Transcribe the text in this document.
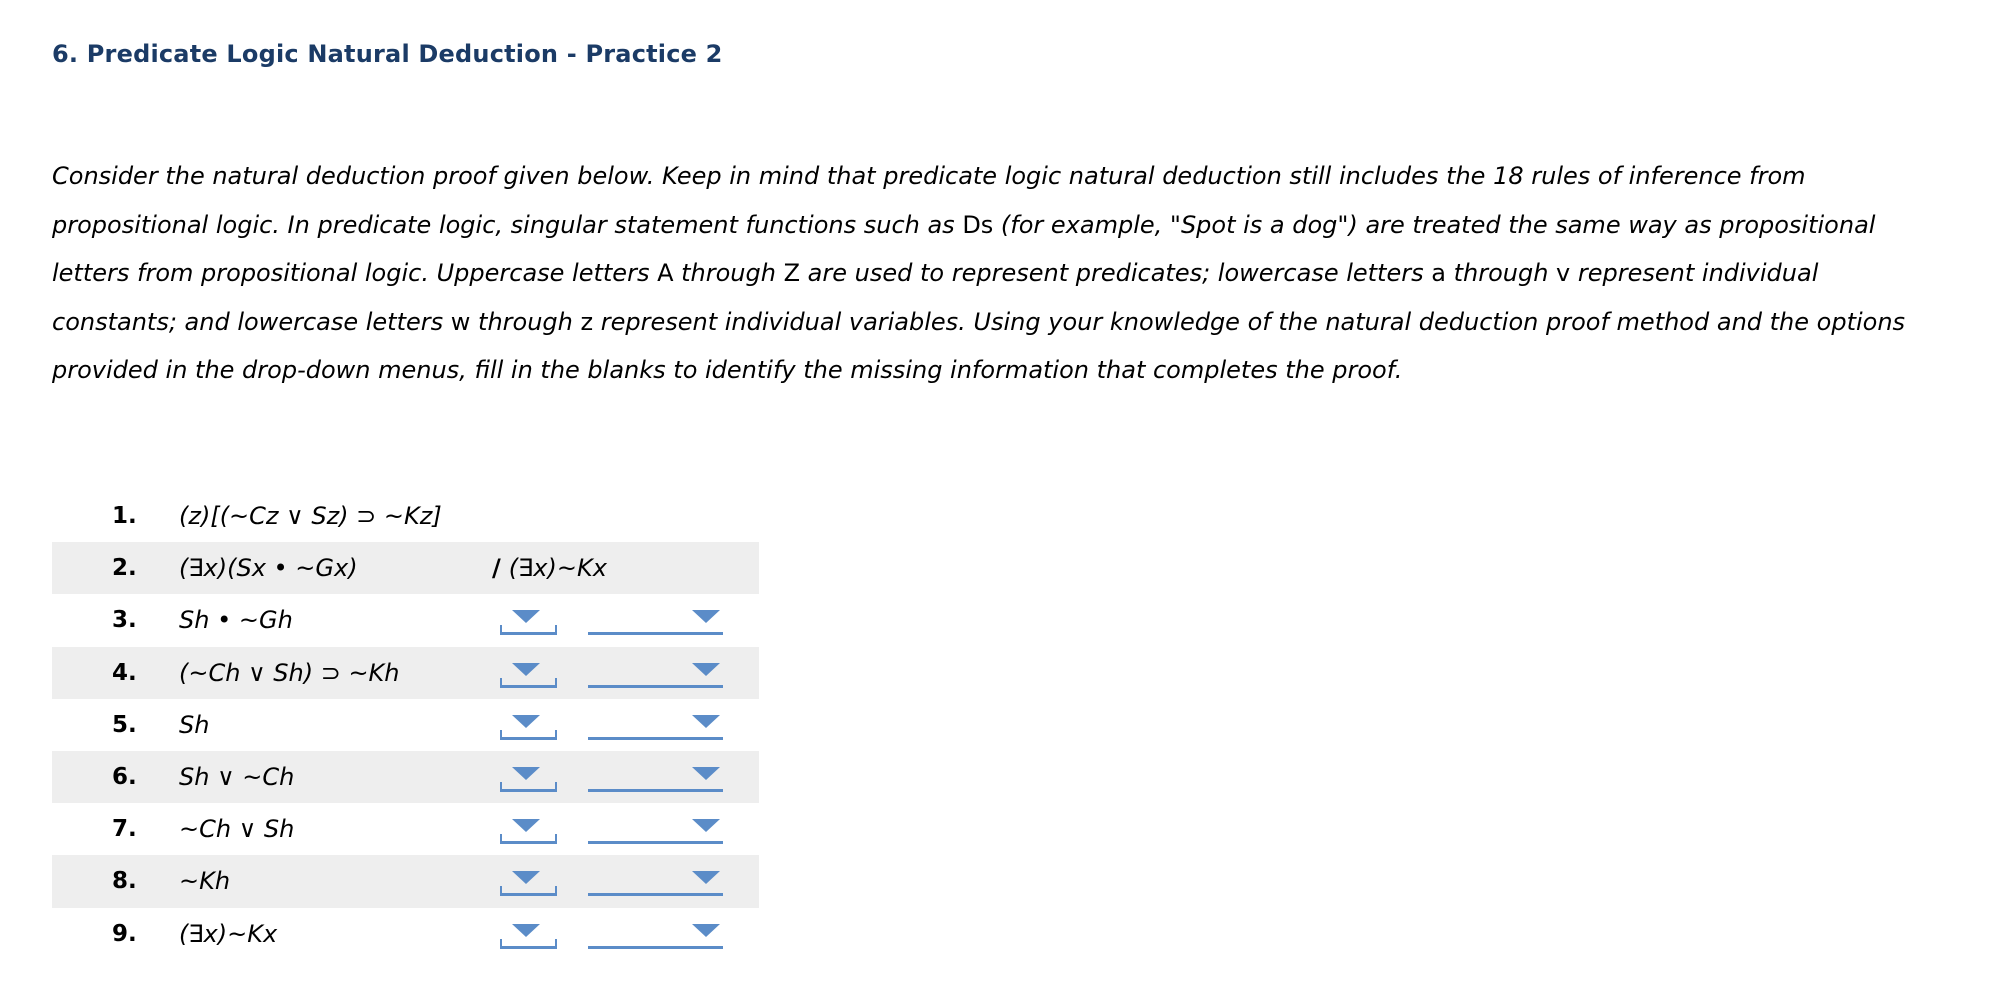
6. Predicate Logic Natural Deduction - Practice 2

Consider the natural deduction proof given below. Keep in mind that predicate logic natural deduction still includes the 18 rules of inference from propositional logic. In predicate logic, singular statement functions such as Ds (for example, "Spot is a dog") are treated the same way as propositional letters from propositional logic. Uppercase letters A through Z are used to represent predicates; lowercase letters a through v represent individual constants; and lowercase letters w through z represent individual variables. Using your knowledge of the natural deduction proof method and the options provided in the drop-down menus, fill in the blanks to identify the missing information that completes the proof.

1. (z)[(~Cz ∨ Sz) ⊃ ~Kz]
2. (∃x)(Sx • ~Gx)	/ (∃x)~Kx
3. Sh • ~Gh
4. (~Ch ∨ Sh) ⊃ ~Kh
5. Sh
6. Sh ∨ ~Ch
7. ~Ch ∨ Sh
8. ~Kh
9. (∃x)~Kx
